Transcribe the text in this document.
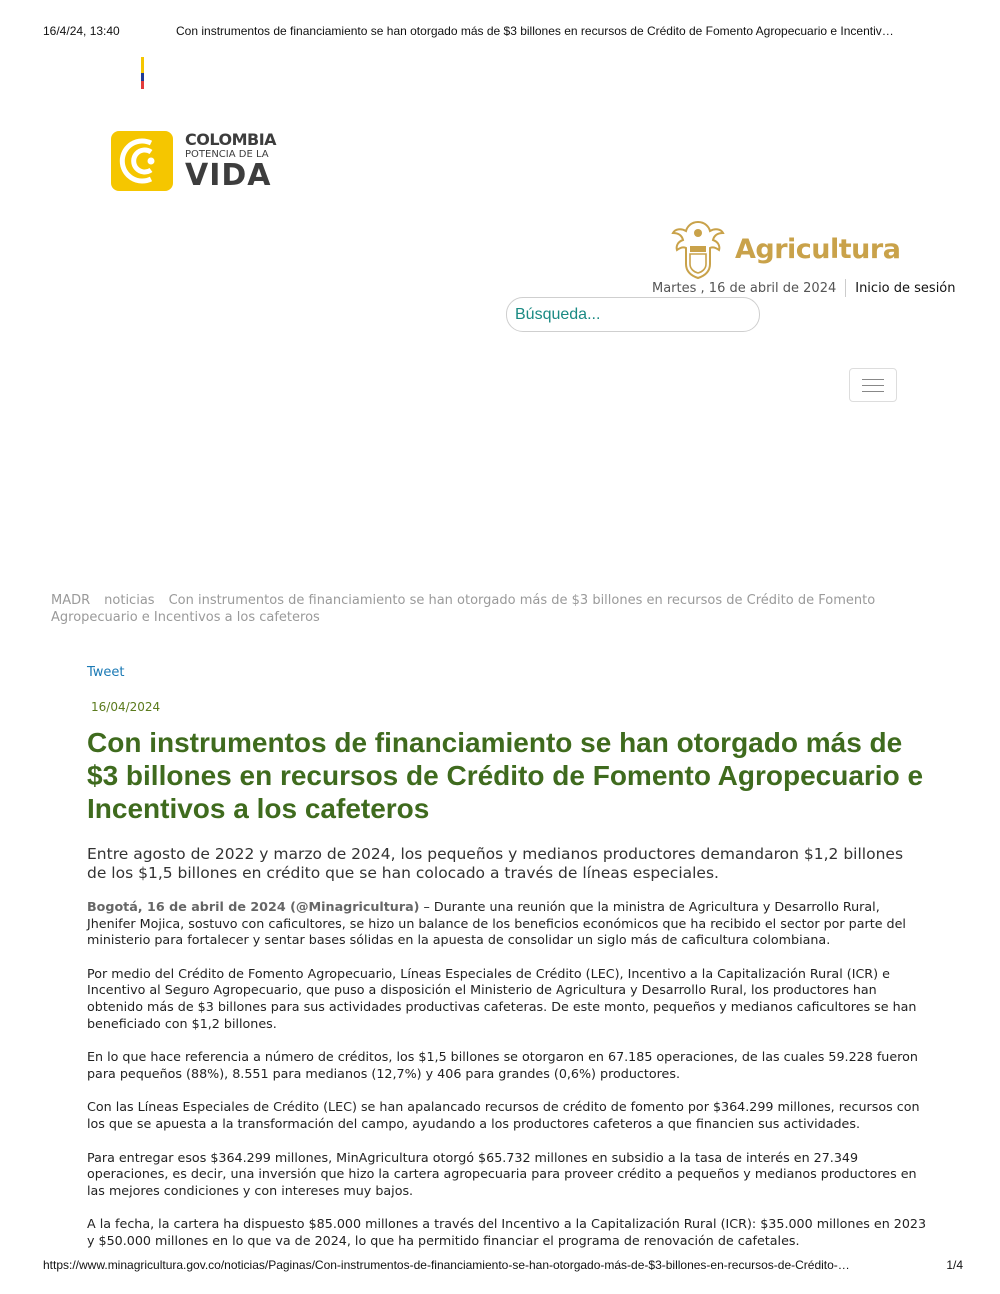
16/4/24, 13:40	Con instrumentos de financiamiento se han otorgado más de $3 billones en recursos de Crédito de Fomento Agropecuario e Incentiv…
COLOMBIA
POTENCIA DE LA
VIDA
Agricultura
Martes , 16 de abril de 2024 Inicio de sesión
Búsqueda...
MADR noticias Con instrumentos de financiamiento se han otorgado más de $3 billones en recursos de Crédito de Fomento Agropecuario e Incentivos a los cafeteros
Tweet
16/04/2024
Con instrumentos de financiamiento se han otorgado más de $3 billones en recursos de Crédito de Fomento Agropecuario e Incentivos a los cafeteros
Entre agosto de 2022 y marzo de 2024, los pequeños y medianos productores demandaron $1,2 billones de los $1,5 billones en crédito que se han colocado a través de líneas especiales.

Bogotá, 16 de abril de 2024 (@Minagricultura) – Durante una reunión que la ministra de Agricultura y Desarrollo Rural, Jhenifer Mojica, sostuvo con caficultores, se hizo un balance de los beneficios económicos que ha recibido el sector por parte del ministerio para fortalecer y sentar bases sólidas en la apuesta de consolidar un siglo más de caficultura colombiana.

Por medio del Crédito de Fomento Agropecuario, Líneas Especiales de Crédito (LEC), Incentivo a la Capitalización Rural (ICR) e Incentivo al Seguro Agropecuario, que puso a disposición el Ministerio de Agricultura y Desarrollo Rural, los productores han obtenido más de $3 billones para sus actividades productivas cafeteras. De este monto, pequeños y medianos caficultores se han beneficiado con $1,2 billones.

En lo que hace referencia a número de créditos, los $1,5 billones se otorgaron en 67.185 operaciones, de las cuales 59.228 fueron para pequeños (88%), 8.551 para medianos (12,7%) y 406 para grandes (0,6%) productores.

Con las Líneas Especiales de Crédito (LEC) se han apalancado recursos de crédito de fomento por $364.299 millones, recursos con los que se apuesta a la transformación del campo, ayudando a los productores cafeteros a que financien sus actividades.

Para entregar esos $364.299 millones, MinAgricultura otorgó $65.732 millones en subsidio a la tasa de interés en 27.349 operaciones, es decir, una inversión que hizo la cartera agropecuaria para proveer crédito a pequeños y medianos productores en las mejores condiciones y con intereses muy bajos.

A la fecha, la cartera ha dispuesto $85.000 millones a través del Incentivo a la Capitalización Rural (ICR): $35.000 millones en 2023 y $50.000 millones en lo que va de 2024, lo que ha permitido financiar el programa de renovación de cafetales.

https://www.minagricultura.gov.co/noticias/Paginas/Con-instrumentos-de-financiamiento-se-han-otorgado-más-de-$3-billones-en-recursos-de-Crédito-…	1/4
